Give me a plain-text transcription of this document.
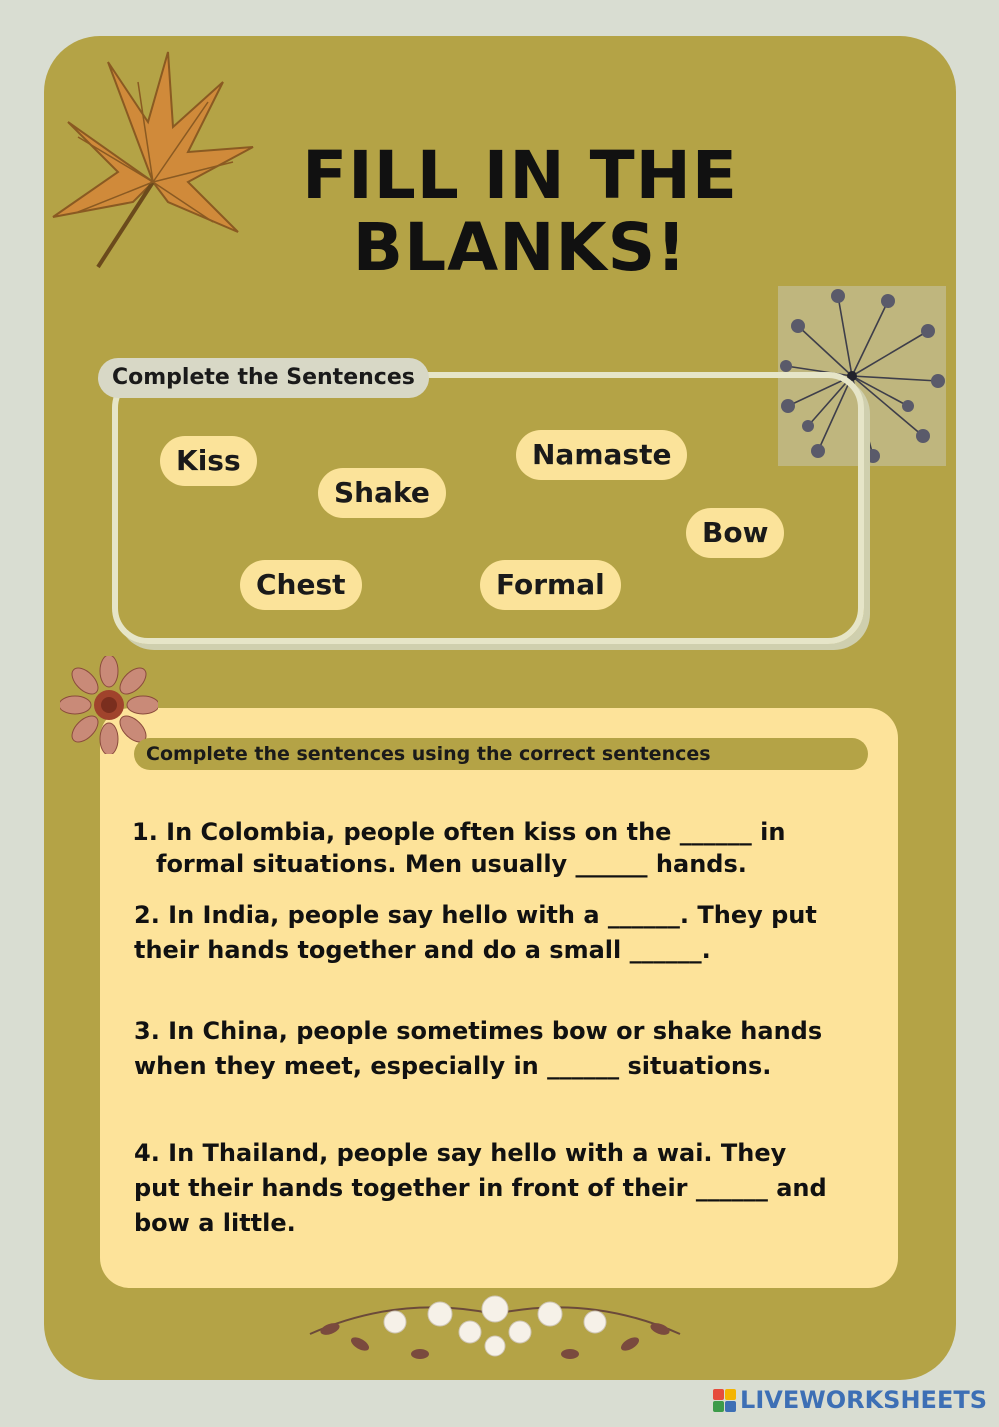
FILL IN THE
BLANKS!
Complete the Sentences
Kiss
Shake
Namaste
Bow
Chest	Formal
Complete the sentences using the correct sentences
1. In Colombia, people often kiss on the ______ in
formal situations. Men usually ______ hands.
2. In India, people say hello with a ______. They put their hands together and do a small ______.
3. In China, people sometimes bow or shake hands when they meet, especially in ______ situations.
4. In Thailand, people say hello with a wai. They put their hands together in front of their ______ and bow a little.
LIVEWORKSHEETS
